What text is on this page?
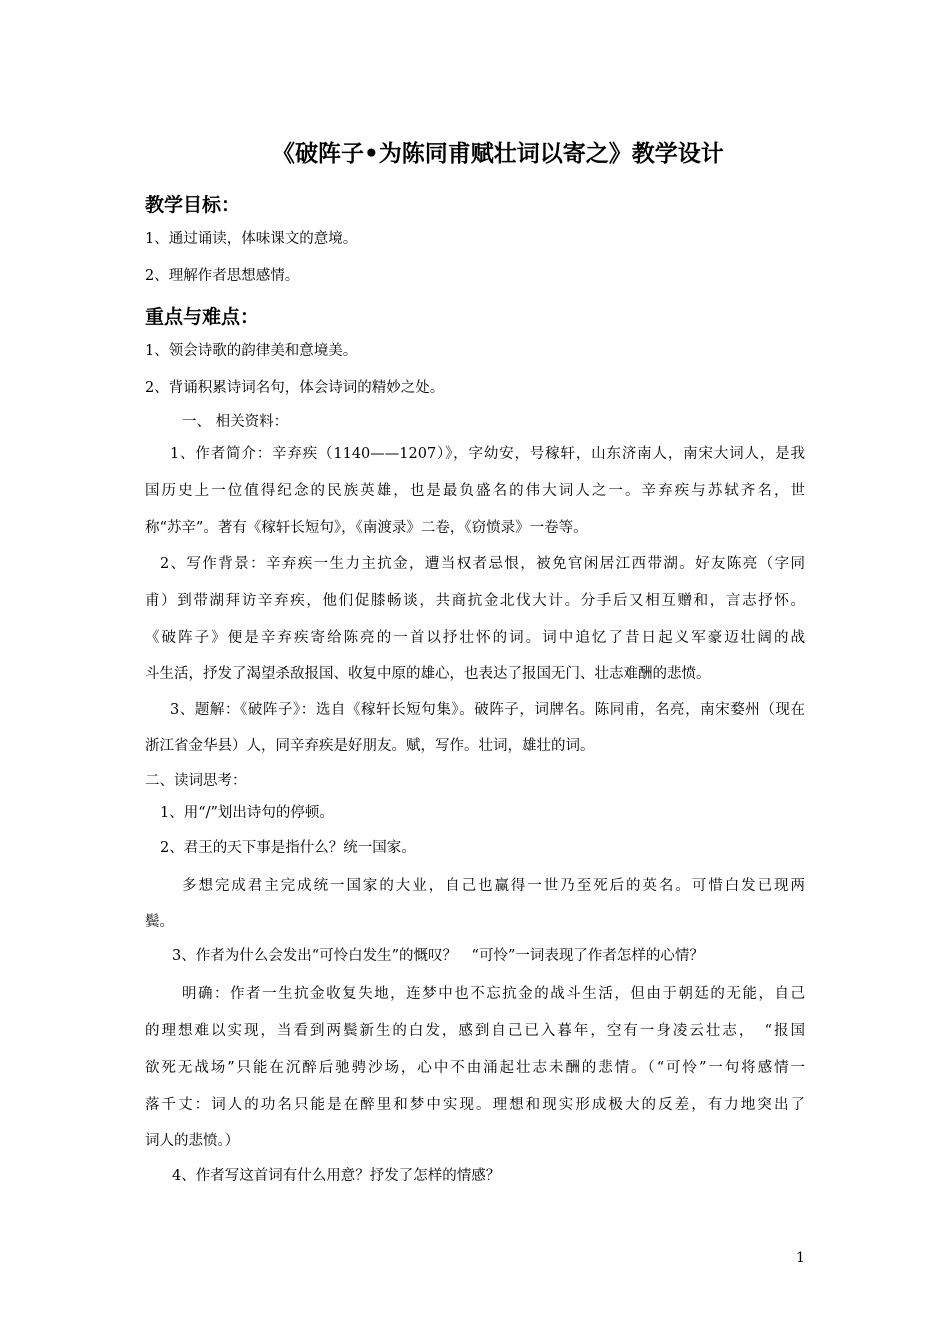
《破阵子•为陈同甫赋壮词以寄之》教学设计
教学目标：
1、通过诵读，体味课文的意境。
2、理解作者思想感情。
重点与难点：
1、领会诗歌的韵律美和意境美。
2、背诵积累诗词名句，体会诗词的精妙之处。
一、 相关资料：
1、作者简介：辛弃疾（1140——1207）》，字幼安，号稼轩，山东济南人，南宋大词人，是我
国历史上一位值得纪念的民族英雄，也是最负盛名的伟大词人之一。辛弃疾与苏轼齐名，世
称“苏辛”。著有《稼轩长短句》，《南渡录》二卷，《窃愤录》一卷等。
2、写作背景：辛弃疾一生力主抗金，遭当权者忌恨，被免官闲居江西带湖。好友陈亮（字同
甫）到带湖拜访辛弃疾，他们促膝畅谈，共商抗金北伐大计。分手后又相互赠和，言志抒怀。
《破阵子》便是辛弃疾寄给陈亮的一首以抒壮怀的词。词中追忆了昔日起义军豪迈壮阔的战
斗生活，抒发了渴望杀敌报国、收复中原的雄心，也表达了报国无门、壮志难酬的悲愤。
3、题解：《破阵子》：选自《稼轩长短句集》。破阵子，词牌名。陈同甫，名亮，南宋婺州（现在
浙江省金华县）人，同辛弃疾是好朋友。赋，写作。壮词，雄壮的词。
二、读词思考：
1、用“/”划出诗句的停顿。
2、君王的天下事是指什么？统一国家。
多想完成君主完成统一国家的大业，自己也赢得一世乃至死后的英名。可惜白发已现两
鬓。
3、作者为什么会发出“可怜白发生”的慨叹？　“可怜”一词表现了作者怎样的心情？
明确：作者一生抗金收复失地，连梦中也不忘抗金的战斗生活，但由于朝廷的无能，自己
的理想难以实现，当看到两鬓新生的白发，感到自己已入暮年，空有一身凌云壮志，　“报国
欲死无战场”只能在沉醉后驰骋沙场，心中不由涌起壮志未酬的悲情。（“可怜”一句将感情一
落千丈：词人的功名只能是在醉里和梦中实现。理想和现实形成极大的反差，有力地突出了
词人的悲愤。）
4、作者写这首词有什么用意？抒发了怎样的情感？
1
